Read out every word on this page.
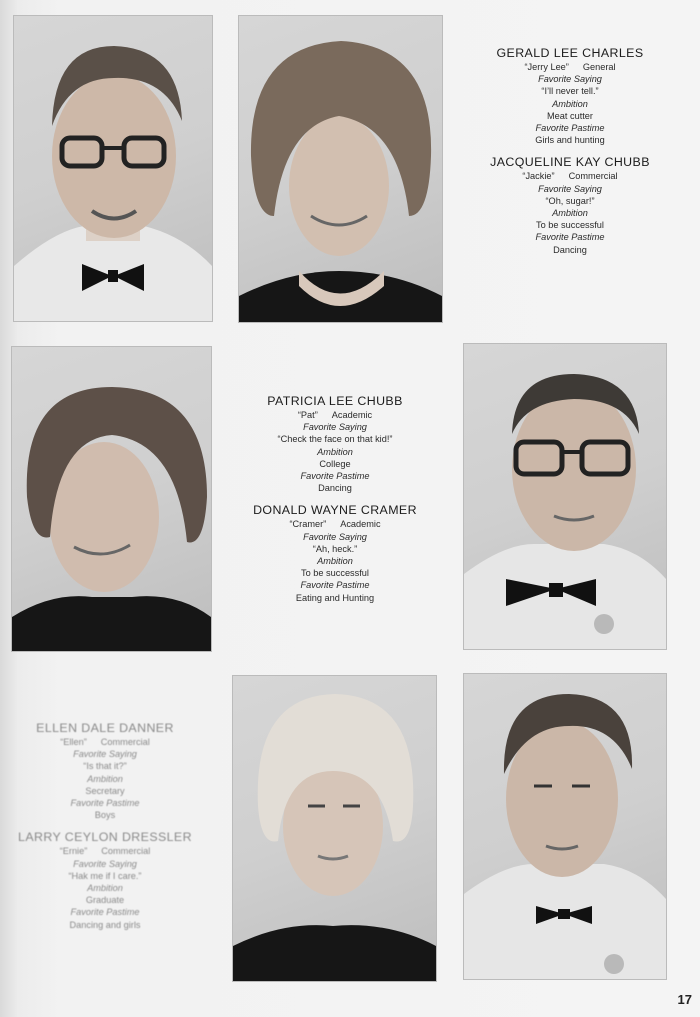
GERALD LEE CHARLES
“Jerry Lee” General
Favorite Saying
“I’ll never tell.”
Ambition
Meat cutter
Favorite Pastime
Girls and hunting
JACQUELINE KAY CHUBB
“Jackie” Commercial
Favorite Saying
“Oh, sugar!”
Ambition
To be successful
Favorite Pastime
Dancing
PATRICIA LEE CHUBB
“Pat” Academic
Favorite Saying
“Check the face on that kid!”
Ambition
College
Favorite Pastime
Dancing
DONALD WAYNE CRAMER
“Cramer” Academic
Favorite Saying
“Ah, heck.”
Ambition
To be successful
Favorite Pastime
Eating and Hunting
ELLEN DALE DANNER
“Ellen” Commercial
Favorite Saying
“Is that it?”
Ambition
Secretary
Favorite Pastime
Boys
LARRY CEYLON DRESSLER
“Ernie” Commercial
Favorite Saying
“Hak me if I care.”
Ambition
Graduate
Favorite Pastime
Dancing and girls
17
